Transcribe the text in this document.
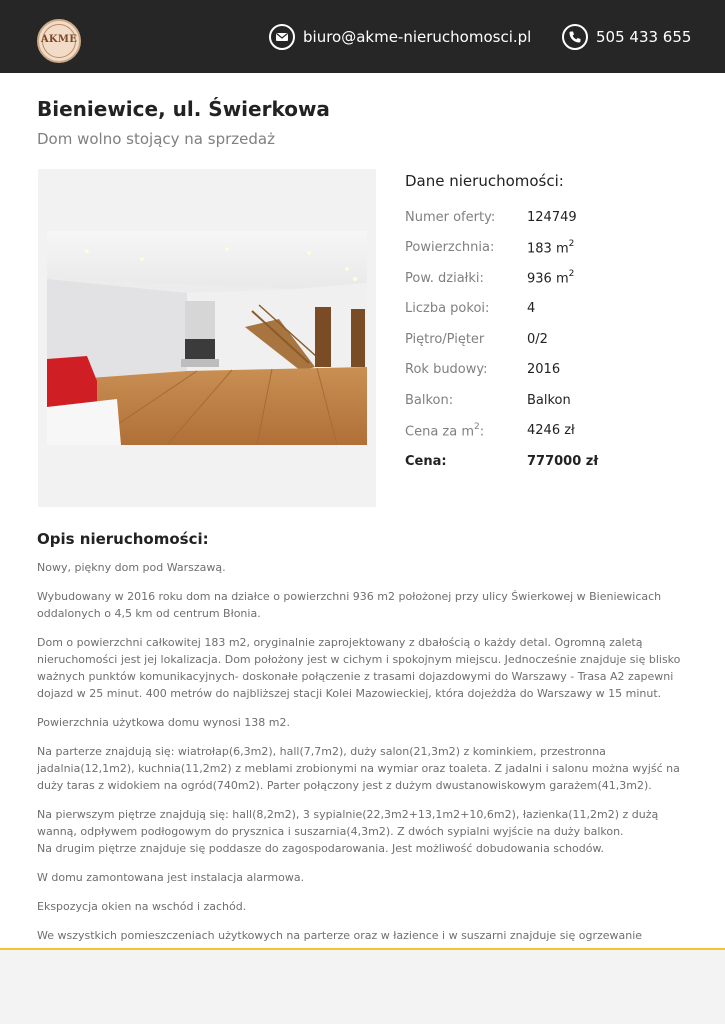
AKME	biuro@akme-nieruchomosci.pl	505 433 655
Bieniewice, ul. Świerkowa
Dom wolno stojący na sprzedaż
Dane nieruchomości:
Numer oferty:	124749
Powierzchnia:	183 $m^2$
Pow. działki:	936 $m^2$
Liczba pokoi:	4
Piętro/Pięter	0/2
Rok budowy:	2016
Balkon:	Balkon
Cena za $m^2$:	4246 zł
Cena:	777000 zł
Opis nieruchomości:

Nowy, piękny dom pod Warszawą.

Wybudowany w 2016 roku dom na działce o powierzchni 936 m2 położonej przy ulicy Świerkowej w Bieniewicach oddalonych o 4,5 km od centrum Błonia.

Dom o powierzchni całkowitej 183 m2, oryginalnie zaprojektowany z dbałością o każdy detal. Ogromną zaletą nieruchomości jest jej lokalizacja. Dom położony jest w cichym i spokojnym miejscu. Jednocześnie znajduje się blisko ważnych punktów komunikacyjnych- doskonałe połączenie z trasami dojazdowymi do Warszawy - Trasa A2 zapewni dojazd w 25 minut. 400 metrów do najbliższej stacji Kolei Mazowieckiej, która dojeżdża do Warszawy w 15 minut.

Powierzchnia użytkowa domu wynosi 138 m2.

Na parterze znajdują się: wiatrołap(6,3m2), hall(7,7m2), duży salon(21,3m2) z kominkiem, przestronna jadalnia(12,1m2), kuchnia(11,2m2) z meblami zrobionymi na wymiar oraz toaleta. Z jadalni i salonu można wyjść na duży taras z widokiem na ogród(740m2). Parter połączony jest z dużym dwustanowiskowym garażem(41,3m2).

Na pierwszym piętrze znajdują się: hall(8,2m2), 3 sypialnie(22,3m2+13,1m2+10,6m2), łazienka(11,2m2) z dużą wanną, odpływem podłogowym do prysznica i suszarnia(4,3m2). Z dwóch sypialni wyjście na duży balkon.
Na drugim piętrze znajduje się poddasze do zagospodarowania. Jest możliwość dobudowania schodów.

W domu zamontowana jest instalacja alarmowa.

Ekspozycja okien na wschód i zachód.

We wszystkich pomieszczeniach użytkowych na parterze oraz w łazience i w suszarni znajduje się ogrzewanie
